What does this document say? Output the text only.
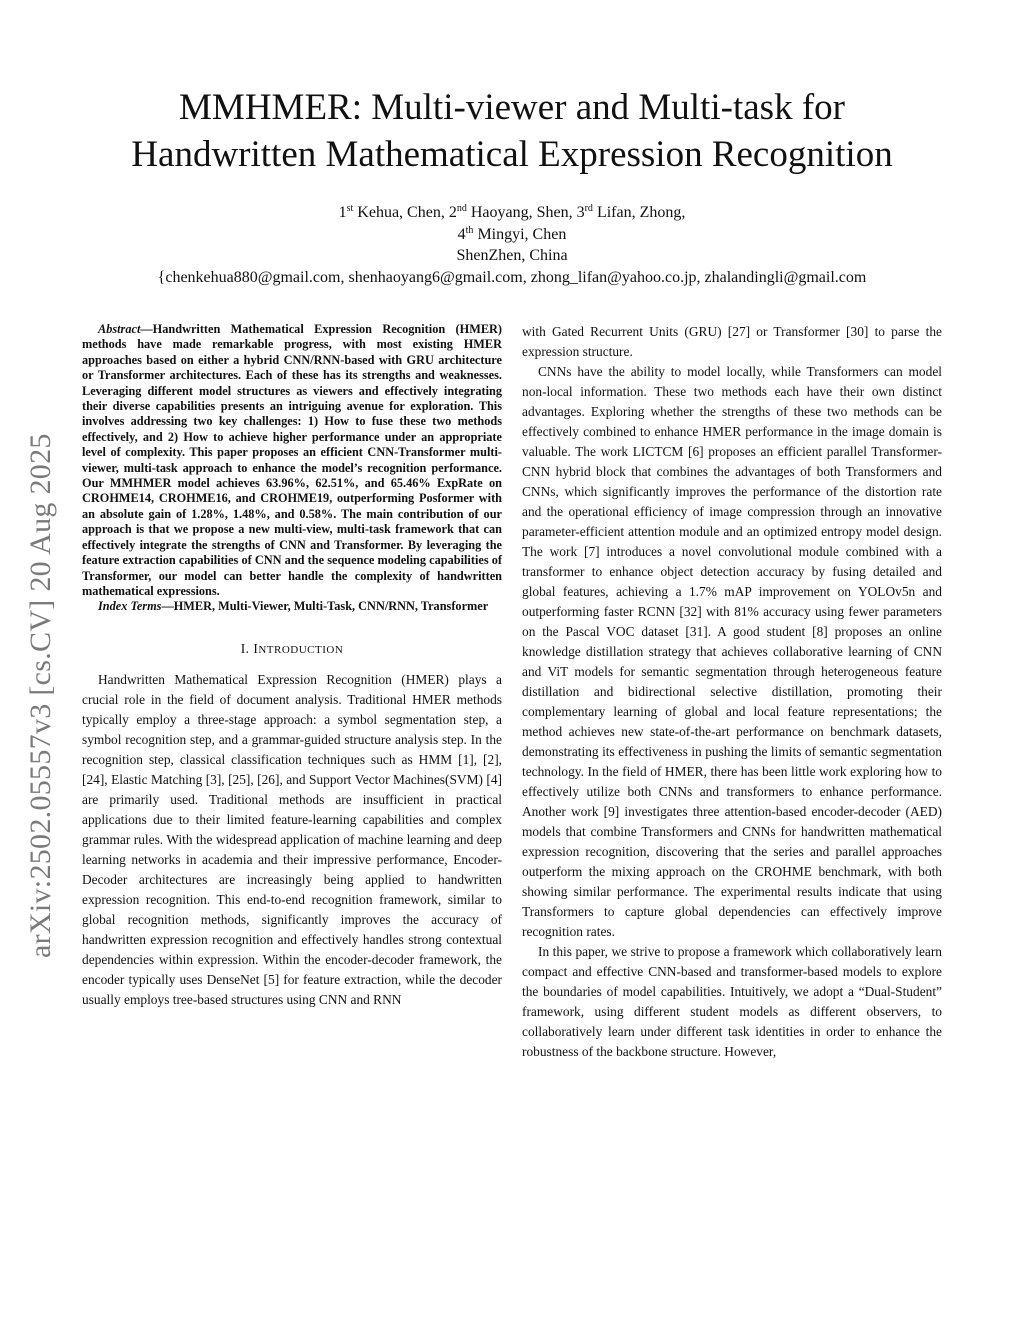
arXiv:2502.05557v3 [cs.CV] 20 Aug 2025
MMHMER: Multi-viewer and Multi-task for
Handwritten Mathematical Expression Recognition
1st Kehua, Chen, 2nd Haoyang, Shen, 3rd Lifan, Zhong,
4th Mingyi, Chen
ShenZhen, China
{chenkehua880@gmail.com, shenhaoyang6@gmail.com, zhong_lifan@yahoo.co.jp, zhalandingli@gmail.com

Abstract—Handwritten Mathematical Expression Recognition (HMER) methods have made remarkable progress, with most existing HMER approaches based on either a hybrid CNN/RNN-based with GRU architecture or Transformer architectures. Each of these has its strengths and weaknesses. Leveraging different model structures as viewers and effectively integrating their diverse capabilities presents an intriguing avenue for exploration. This involves addressing two key challenges: 1) How to fuse these two methods effectively, and 2) How to achieve higher performance under an appropriate level of complexity. This paper proposes an efficient CNN-Transformer multi-viewer, multi-task approach to enhance the model’s recognition performance. Our MMHMER model achieves 63.96%, 62.51%, and 65.46% ExpRate on CROHME14, CROHME16, and CROHME19, outperforming Posformer with an absolute gain of 1.28%, 1.48%, and 0.58%. The main contribution of our approach is that we propose a new multi-view, multi-task framework that can effectively integrate the strengths of CNN and Transformer. By leveraging the feature extraction capabilities of CNN and the sequence modeling capabilities of Transformer, our model can better handle the complexity of handwritten mathematical expressions.

Index Terms—HMER, Multi-Viewer, Multi-Task, CNN/RNN, Transformer

I. INTRODUCTION

Handwritten Mathematical Expression Recognition (HMER) plays a crucial role in the field of document analysis. Traditional HMER methods typically employ a three-stage approach: a symbol segmentation step, a symbol recognition step, and a grammar-guided structure analysis step. In the recognition step, classical classification techniques such as HMM [1], [2], [24], Elastic Matching [3], [25], [26], and Support Vector Machines(SVM) [4] are primarily used. Traditional methods are insufficient in practical applications due to their limited feature-learning capabilities and complex grammar rules. With the widespread application of machine learning and deep learning networks in academia and their impressive performance, Encoder-Decoder architectures are increasingly being applied to handwritten expression recognition. This end-to-end recognition framework, similar to global recognition methods, significantly improves the accuracy of handwritten expression recognition and effectively handles strong contextual dependencies within expression. Within the encoder-decoder framework, the encoder typically uses DenseNet [5] for feature extraction, while the decoder usually employs tree-based structures using CNN and RNN

with Gated Recurrent Units (GRU) [27] or Transformer [30] to parse the expression structure.

CNNs have the ability to model locally, while Transformers can model non-local information. These two methods each have their own distinct advantages. Exploring whether the strengths of these two methods can be effectively combined to enhance HMER performance in the image domain is valuable. The work LICTCM [6] proposes an efficient parallel Transformer-CNN hybrid block that combines the advantages of both Transformers and CNNs, which significantly improves the performance of the distortion rate and the operational efficiency of image compression through an innovative parameter-efficient attention module and an optimized entropy model design. The work [7] introduces a novel convolutional module combined with a transformer to enhance object detection accuracy by fusing detailed and global features, achieving a 1.7% mAP improvement on YOLOv5n and outperforming faster RCNN [32] with 81% accuracy using fewer parameters on the Pascal VOC dataset [31]. A good student [8] proposes an online knowledge distillation strategy that achieves collaborative learning of CNN and ViT models for semantic segmentation through heterogeneous feature distillation and bidirectional selective distillation, promoting their complementary learning of global and local feature representations; the method achieves new state-of-the-art performance on benchmark datasets, demonstrating its effectiveness in pushing the limits of semantic segmentation technology. In the field of HMER, there has been little work exploring how to effectively utilize both CNNs and transformers to enhance performance. Another work [9] investigates three attention-based encoder-decoder (AED) models that combine Transformers and CNNs for handwritten mathematical expression recognition, discovering that the series and parallel approaches outperform the mixing approach on the CROHME benchmark, with both showing similar performance. The experimental results indicate that using Transformers to capture global dependencies can effectively improve recognition rates.

In this paper, we strive to propose a framework which collaboratively learn compact and effective CNN-based and transformer-based models to explore the boundaries of model capabilities. Intuitively, we adopt a “Dual-Student” framework, using different student models as different observers, to collaboratively learn under different task identities in order to enhance the robustness of the backbone structure. However,
